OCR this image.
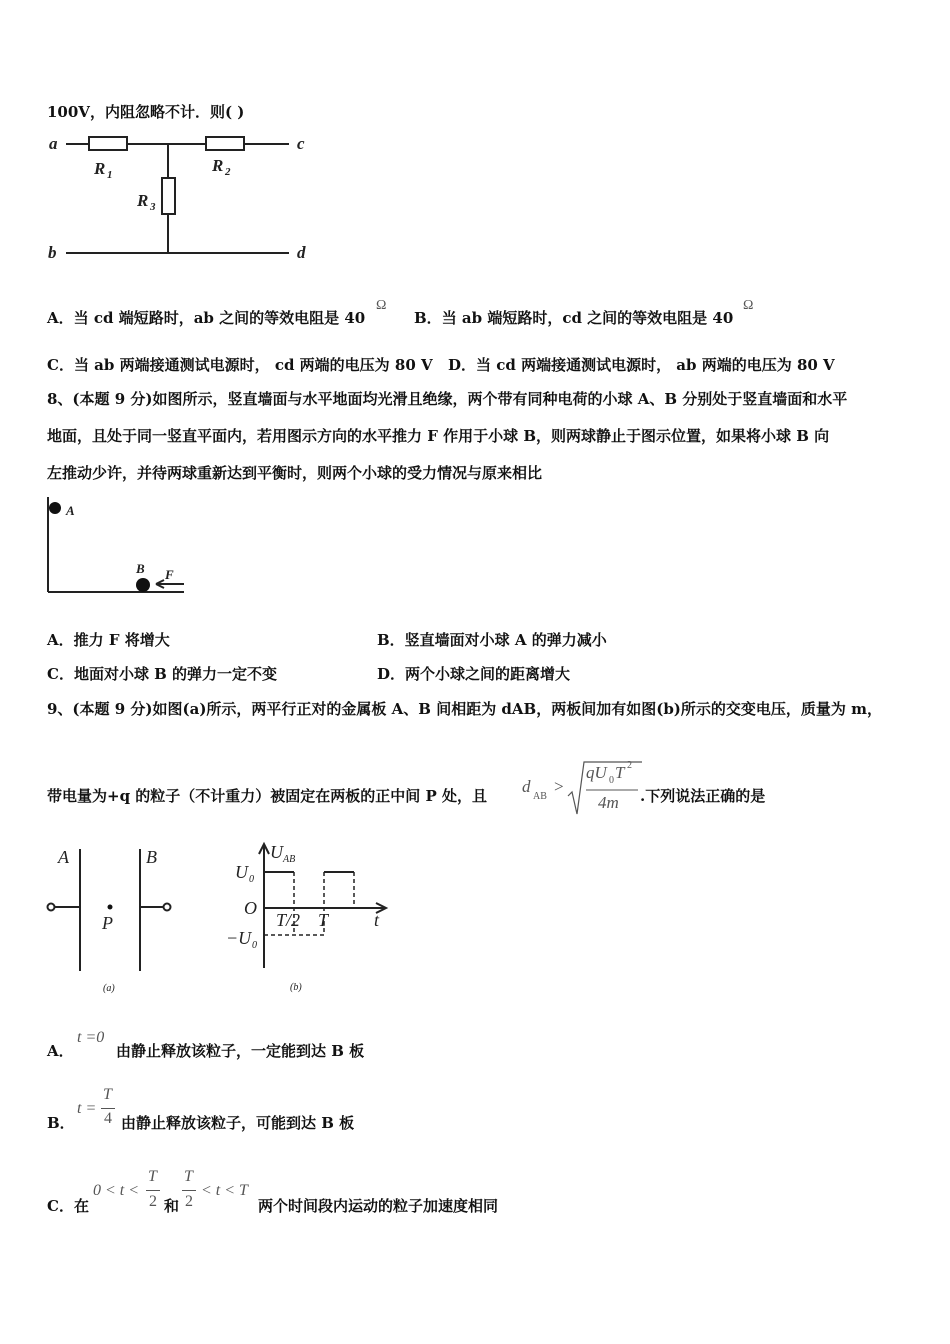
100V，内阻忽略不计．则( )
a
b
c
d
R 1	R 2
R 3
A．当 cd 端短路时，ab 之间的等效电阻是 40
Ω
B．当 ab 端短路时，cd 之间的等效电阻是 40
Ω
C．当 ab 两端接通测试电源时， cd 两端的电压为 80 V D．当 cd 两端接通测试电源时， ab 两端的电压为 80 V
8、(本题 9 分)如图所示，竖直墙面与水平地面均光滑且绝缘，两个带有同种电荷的小球 A、B 分别处于竖直墙面和水平
地面，且处于同一竖直平面内，若用图示方向的水平推力 F 作用于小球 B，则两球静止于图示位置，如果将小球 B 向
左推动少许，并待两球重新达到平衡时，则两个小球的受力情况与原来相比
A
B F
A．推力 F 将增大	B．竖直墙面对小球 A 的弹力减小
C．地面对小球 B 的弹力一定不变	D．两个小球之间的距离增大
9、(本题 9 分)如图(a)所示，两平行正对的金属板 A、B 间相距为 dAB，两板间加有如图(b)所示的交变电压，质量为 m，
带电量为+q 的粒子（不计重力）被固定在两板的正中间 P 处，且 d
AB
>
qU 0 T 2
4m .下列说法正确的是
A	B
P
(a)
U AB
U 0
O
−U 0
T/2 T	t
(b)
A．
t =0
由静止释放该粒子，一定能到达 B 板
B．
t =
T
4 由静止释放该粒子，可能到达 B 板
C．在
0 < t <
T
2 和
T
2
< t < T
两个时间段内运动的粒子加速度相同
